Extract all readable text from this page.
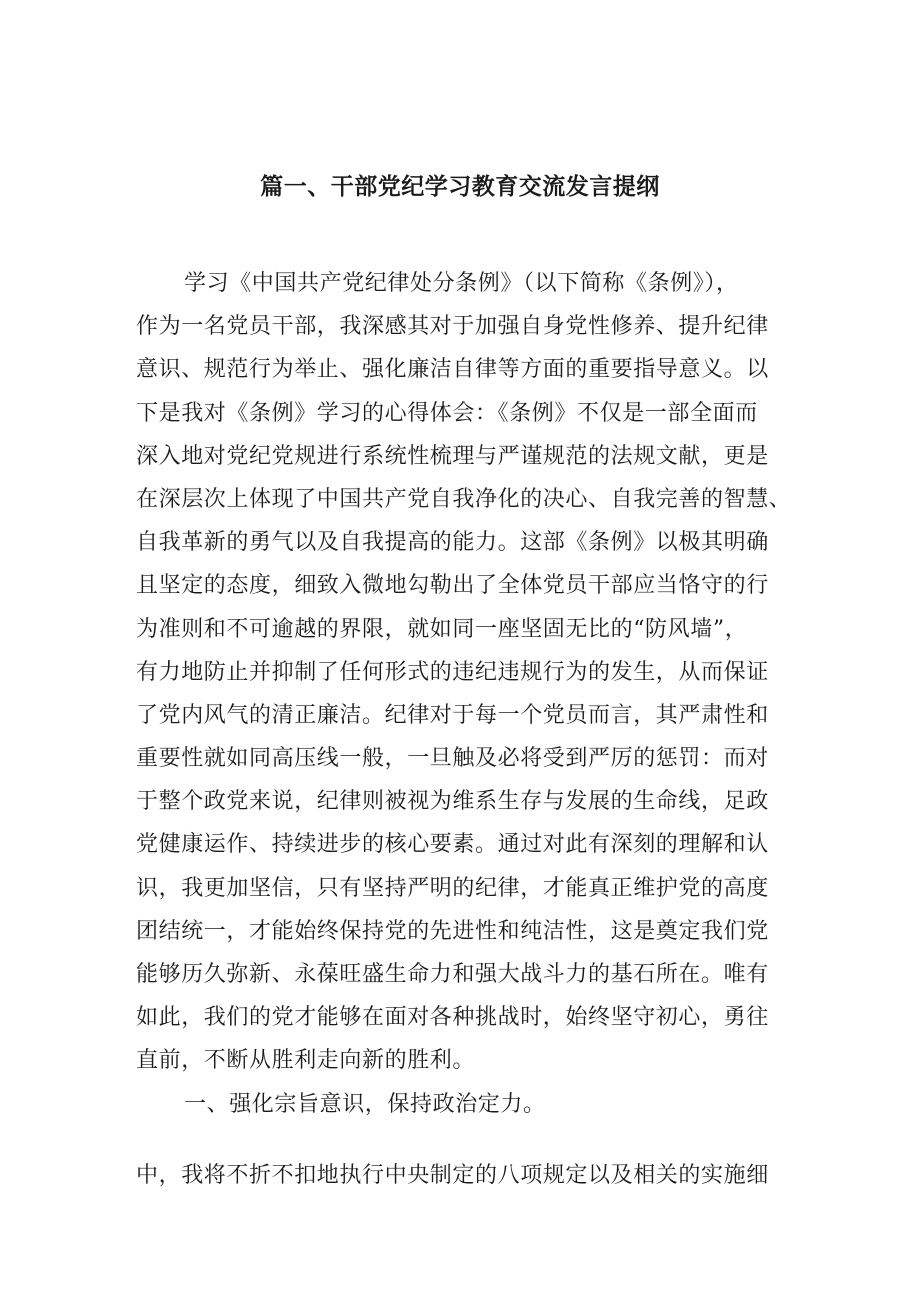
篇一、干部党纪学习教育交流发言提纲
学习《中国共产党纪律处分条例》（以下简称《条例》），
作为一名党员干部，我深感其对于加强自身党性修养、提升纪律
意识、规范行为举止、强化廉洁自律等方面的重要指导意义。以
下是我对《条例》学习的心得体会：《条例》不仅是一部全面而
深入地对党纪党规进行系统性梳理与严谨规范的法规文献，更是
在深层次上体现了中国共产党自我净化的决心、自我完善的智慧、
自我革新的勇气以及自我提高的能力。这部《条例》以极其明确
且坚定的态度，细致入微地勾勒出了全体党员干部应当恪守的行
为准则和不可逾越的界限，就如同一座坚固无比的“防风墙”，
有力地防止并抑制了任何形式的违纪违规行为的发生，从而保证
了党内风气的清正廉洁。纪律对于每一个党员而言，其严肃性和
重要性就如同高压线一般，一旦触及必将受到严厉的惩罚：而对
于整个政党来说，纪律则被视为维系生存与发展的生命线，足政
党健康运作、持续进步的核心要素。通过对此有深刻的理解和认
识，我更加坚信，只有坚持严明的纪律，才能真正维护党的高度
团结统一，才能始终保持党的先进性和纯洁性，这是奠定我们党
能够历久弥新、永葆旺盛生命力和强大战斗力的基石所在。唯有
如此，我们的党才能够在面对各种挑战时，始终坚守初心，勇往
直前，不断从胜利走向新的胜利。
一、强化宗旨意识，保持政治定力。
中，我将不折不扣地执行中央制定的八项规定以及相关的实施细
